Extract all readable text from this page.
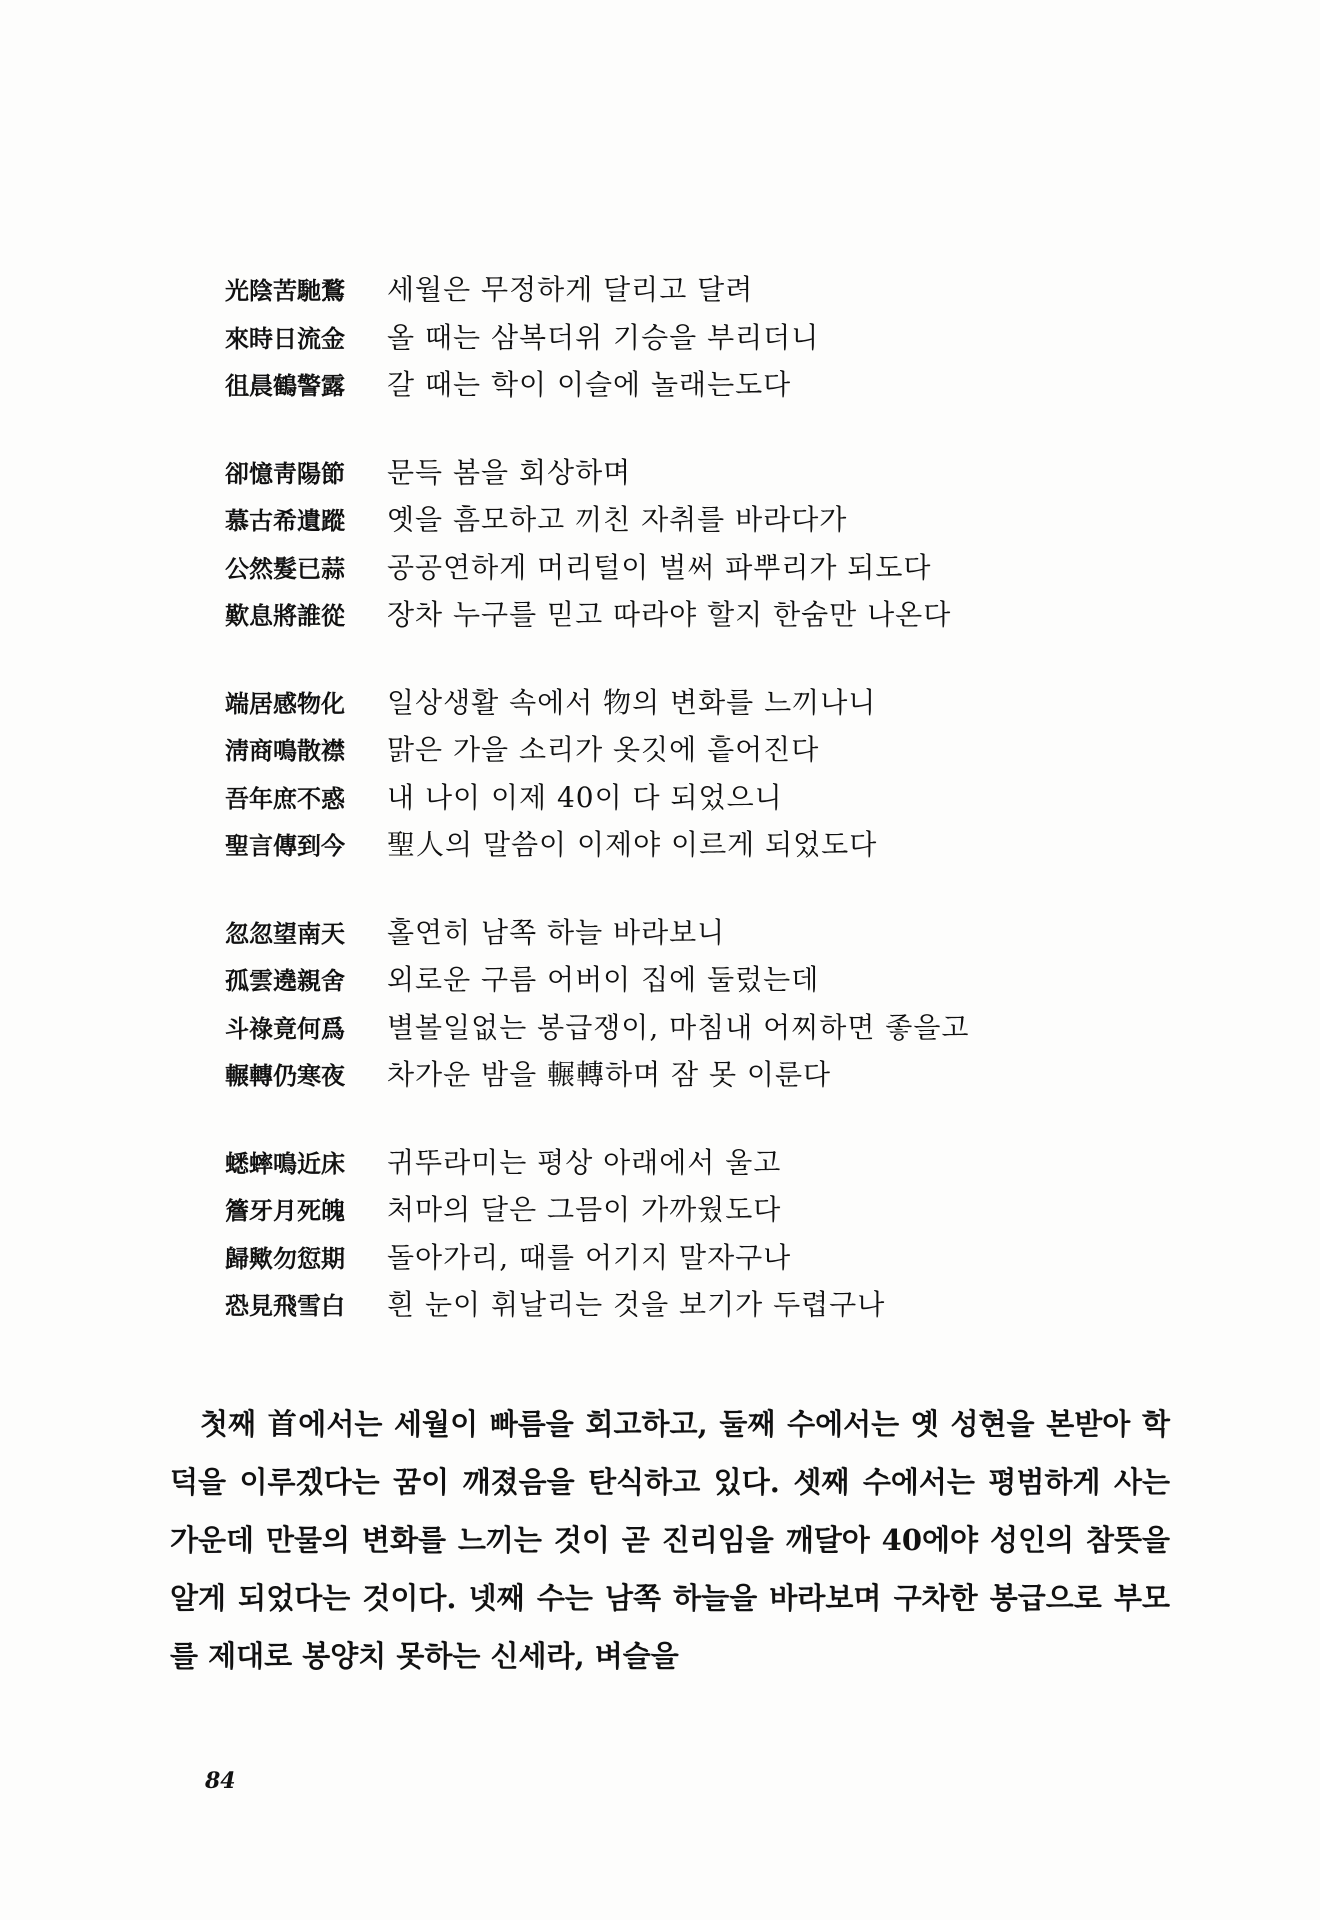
光陰苦馳鶩	세월은 무정하게 달리고 달려
來時日流金	올 때는 삼복더위 기승을 부리더니
徂晨鶴警露	갈 때는 학이 이슬에 놀래는도다
卻憶靑陽節	문득 봄을 회상하며
慕古希遺蹤	옛을 흠모하고 끼친 자취를 바라다가
公然髮已蒜	공공연하게 머리털이 벌써 파뿌리가 되도다
歎息將誰從	장차 누구를 믿고 따라야 할지 한숨만 나온다
端居感物化	일상생활 속에서 物의 변화를 느끼나니
淸商鳴散襟	맑은 가을 소리가 옷깃에 흩어진다
吾年庶不惑	내 나이 이제 40이 다 되었으니
聖言傳到今	聖人의 말씀이 이제야 이르게 되었도다
忽忽望南天	홀연히 남쪽 하늘 바라보니
孤雲遶親舍	외로운 구름 어버이 집에 둘렀는데
斗祿竟何爲	별볼일없는 봉급쟁이, 마침내 어찌하면 좋을고
輾轉仍寒夜	차가운 밤을 輾轉하며 잠 못 이룬다
蟋蟀鳴近床	귀뚜라미는 평상 아래에서 울고
簷牙月死魄	처마의 달은 그믐이 가까웠도다
歸歟勿愆期	돌아가리, 때를 어기지 말자구나
恐見飛雪白	흰 눈이 휘날리는 것을 보기가 두렵구나

첫째 首에서는 세월이 빠름을 회고하고, 둘째 수에서는 옛 성현을 본받아 학덕을 이루겠다는 꿈이 깨졌음을 탄식하고 있다. 셋째 수에서는 평범하게 사는 가운데 만물의 변화를 느끼는 것이 곧 진리임을 깨달아 40에야 성인의 참뜻을 알게 되었다는 것이다. 넷째 수는 남쪽 하늘을 바라보며 구차한 봉급으로 부모를 제대로 봉양치 못하는 신세라, 벼슬을

84
